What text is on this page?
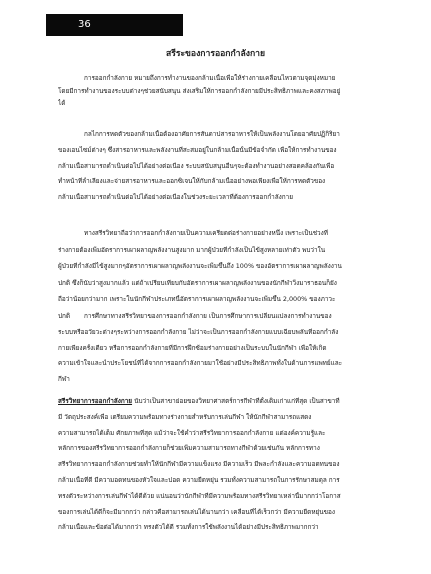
36
สรีระของการออกกำลังกาย
การออกกำลังกาย หมายถึงการทำงานของกล้ามเนื้อเพื่อให้ร่างกายเคลื่อนไหวตามจุดมุ่งหมาย
โดยมีการทำงานของระบบต่างๆช่วยสนับสนุน ส่งเสริมให้การออกกำลังกายมีประสิทธิภาพและคงสภาพอยู่
ได้
กลไกการหดตัวของกล้ามเนื้อต้องอาศัยการสันดาปสารอาหารให้เป็นพลังงานโดยอาศัยปฏิกิริยา
ของเอนไซม์ต่างๆ ซึ่งสารอาหารและพลังงานที่สะสมอยู่ในกล้ามเนื้อนั้นมีข้อจำกัด เพื่อให้การทำงานของ
กล้ามเนื้อสามารถดำเนินต่อไปได้อย่างต่อเนื่อง ระบบสนับสนุนอื่นๆจะต้องทำงานอย่างสอดคล้องกันเพื่อ
ทำหน้าที่ลำเลียงและจ่ายสารอาหารและออกซิเจนให้กับกล้ามเนื้ออย่างพอเพียงเพื่อให้การหดตัวของ
กล้ามเนื้อสามารถดำเนินต่อไปได้อย่างต่อเนื่องในช่วงระยะเวลาที่ต้องการออกกำลังกาย
ทางสรีรวิทยาถือว่าการออกกำลังกายเป็นความเครียดต่อร่างกายอย่างหนึ่ง เพราะเป็นช่วงที่
ร่างกายต้องเพิ่มอัตราการเผาผลาญพลังงานสูงมาก มากผู้ป่วยที่กำลังเป็นไข้สูงหลายเท่าตัว พบว่าใน
ผู้ป่วยที่กำลังมีไข้สูงมากๆอัตราการเผาผลาญพลังงานจะเพิ่มขึ้นถึง 100% ของอัตราการเผาผลาญพลังงาน
ปกติ ซึ่งก็นับว่าสูงมากแล้ว แต่ถ้าเปรียบเทียบกับอัตราการเผาผลาญพลังงานของนักกีฬาวิ่งมาราธอนก็ยัง
ถือว่าน้อยกว่ามาก เพราะในนักกีฬาประเภทนี้อัตราการเผาผลาญพลังงานจะเพิ่มขึ้น 2,000% ของภาวะ
ปกติ	การศึกษาทางสรีรวิทยาของการออกกำลังกาย เป็นการศึกษาการเปลี่ยนแปลงการทำงานของ
ระบบหรืออวัยวะต่างๆระหว่างการออกกำลังกาย ไม่ว่าจะเป็นการออกกำลังกายแบบเฉียบพลันที่ออกกำลัง
กายเพียงครั้งเดียว หรือการออกกำลังกายที่มีการฝึกซ้อมร่างกายอย่างเป็นระบบในนักกีฬา เพื่อให้เกิด
ความเข้าใจและนำประโยชน์ที่ได้จากการออกกำลังกายมาใช้อย่างมีประสิทธิภาพทั้งในด้านการแพทย์และ
กีฬา
สรีรวิทยาการออกกำลังกาย นับว่าเป็นสาขาย่อยของวิทยาศาสตร์การกีฬาที่ตั้งเดิมเก่าแก่ที่สุด เป็นสาขาที่
มี วัตถุประสงค์เพื่อ เตรียมความพร้อมทางร่างกายสำหรับการเล่นกีฬา ให้นักกีฬาสามารถแสดง
ความสามารถได้เต็ม ศักยภาพที่สุด แม้ว่าจะใช้คำว่าสรีรวิทยาการออกกำลังกาย แต่องค์ความรู้และ
หลักการของสรีรวิทยาการออกกำลังกายก็ช่วยเพิ่มความสามารถทางกีฬาด้วยเช่นกัน หลักการทาง
สรีรวิทยาการออกกำลังกายช่วยทำให้นักกีฬามีความแข็งแรง มีความเร็ว มีพละกำลังและความอดทนของ
กล้ามเนื้อที่ดี มีความอดทนของหัวใจและปอด ความยืดหยุ่น รวมทั้งความสามารถในการรักษาสมดุล การ
ทรงตัวระหว่างการเล่นกีฬาได้ดีด้วย แน่นอนว่านักกีฬาที่มีความพร้อมทางสรีรวิทยาเหล่านี้มากกว่าโอกาส
ของการเล่นได้ดีก็จะมีมากกว่า กล่าวคือสามารถเล่นได้นานกว่า เคลื่อนที่ได้เร็วกว่า มีความยืดหยุ่นของ
กล้ามเนื้อและข้อต่อได้มากกว่า ทรงตัวได้ดี รวมทั้งการใช้พลังงานได้อย่างมีประสิทธิภาพมากกว่า
